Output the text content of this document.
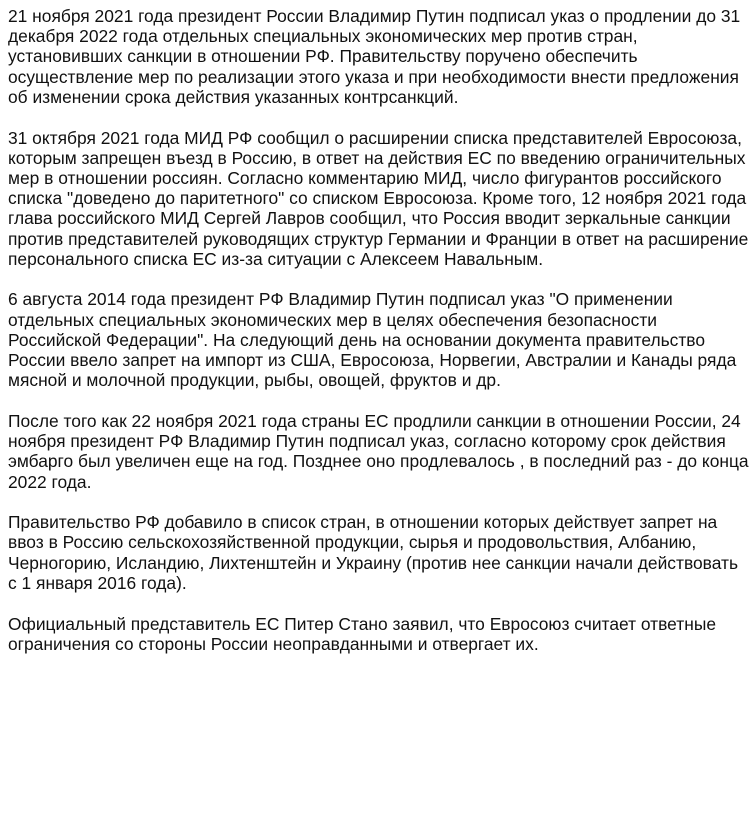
21 ноября 2021 года президент России Владимир Путин подписал указ о продлении до 31 декабря 2022 года отдельных специальных экономических мер против стран, установивших санкции в отношении РФ. Правительству поручено обеспечить осуществление мер по реализации этого указа и при необходимости внести предложения об изменении срока действия указанных контрсанкций.

31 октября 2021 года МИД РФ сообщил о расширении списка представителей Евросоюза, которым запрещен въезд в Россию, в ответ на действия ЕС по введению ограничительных мер в отношении россиян. Согласно комментарию МИД, число фигурантов российского списка "доведено до паритетного" со списком Евросоюза. Кроме того, 12 ноября 2021 года глава российского МИД Сергей Лавров сообщил, что Россия вводит зеркальные санкции против представителей руководящих структур Германии и Франции в ответ на расширение персонального списка ЕС из-за ситуации с Алексеем Навальным.

6 августа 2014 года президент РФ Владимир Путин подписал указ "О применении отдельных специальных экономических мер в целях обеспечения безопасности Российской Федерации". На следующий день на основании документа правительство России ввело запрет на импорт из США, Евросоюза, Норвегии, Австралии и Канады ряда мясной и молочной продукции, рыбы, овощей, фруктов и др.

После того как 22 ноября 2021 года страны ЕС продлили санкции в отношении России, 24 ноября президент РФ Владимир Путин подписал указ, согласно которому срок действия эмбарго был увеличен еще на год. Позднее оно продлевалось , в последний раз - до конца 2022 года.

Правительство РФ добавило в список стран, в отношении которых действует запрет на ввоз в Россию сельскохозяйственной продукции, сырья и продовольствия, Албанию, Черногорию, Исландию, Лихтенштейн и Украину (против нее санкции начали действовать с 1 января 2016 года).

Официальный представитель ЕС Питер Стано заявил, что Евросоюз считает ответные ограничения со стороны России неоправданными и отвергает их.
